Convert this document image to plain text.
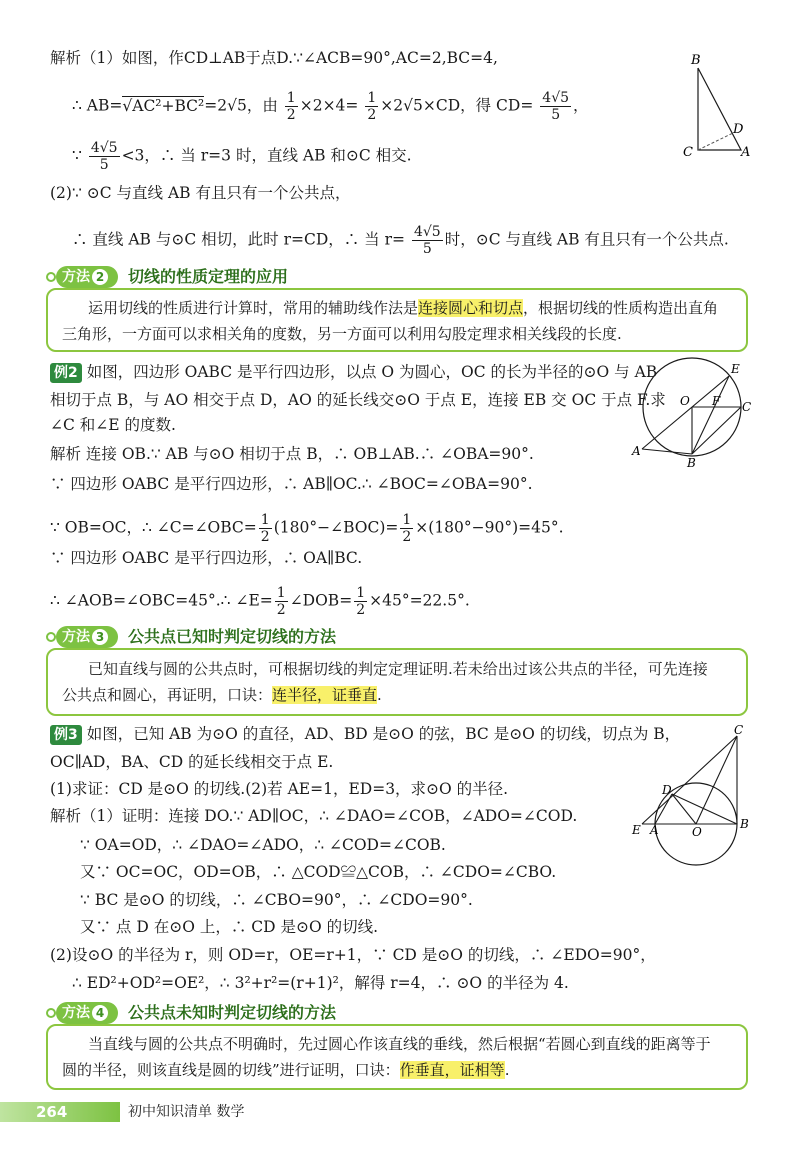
解析（1）如图，作CD⊥AB于点D.∵∠ACB=90°,AC=2,BC=4,
∴ AB=√AC²+BC²=2√5，由 $\frac{1}{2} \times 2\times 4= \frac{1}{2} \times 2√5\times CD$，得 $CD= \frac{4√5}{5}$ ，
∵ $\frac{4√5}{5} <3$，∴ 当 r=3 时，直线 AB 和⊙C 相交.
(2)∵ ⊙C 与直线 AB 有且只有一个公共点，
∴ 直线 AB 与⊙C 相切，此时 r=CD，∴ 当 $r= \frac{4√5}{5}$ 时，⊙C 与直线 AB 有且只有一个公共点.
B
D
C	A
方法 2	切线的性质定理的应用
运用切线的性质进行计算时，常用的辅助线作法是连接圆心和切点，根据切线的性质构造出直角
三角形，一方面可以求相关角的度数，另一方面可以利用勾股定理求相关线段的长度.
例2 如图，四边形 OABC 是平行四边形，以点 O 为圆心，OC 的长为半径的⊙O 与 AB
相切于点 B，与 AO 相交于点 D，AO 的延长线交⊙O 于点 E，连接 EB 交 OC 于点 F.求
∠C 和∠E 的度数.
解析 连接 OB.∵ AB 与⊙O 相切于点 B，∴ OB⊥AB.∴ ∠OBA=90°.
∵ 四边形 OABC 是平行四边形，∴ AB∥OC.∴ ∠BOC=∠OBA=90°.
∵ OB=OC，∴ ∠C=∠OBC= $\frac{1}{2}$ (180°−∠BOC)= $\frac{1}{2} \times(180^\circ-90^\circ)=45^\circ$.
∵ 四边形 OABC 是平行四边形，∴ OA∥BC.
∴ ∠AOB=∠OBC=45°.∴ ∠E= $\frac{1}{2}$ ∠DOB= $\frac{1}{2} \times 45^\circ=22.5^\circ$.
E
O F C
A
B
方法 3	公共点已知时判定切线的方法
已知直线与圆的公共点时，可根据切线的判定定理证明.若未给出过该公共点的半径，可先连接
公共点和圆心，再证明，口诀：连半径，证垂直.
例3 如图，已知 AB 为⊙O 的直径，AD、BD 是⊙O 的弦，BC 是⊙O 的切线，切点为 B，
OC∥AD，BA、CD 的延长线相交于点 E.
(1)求证：CD 是⊙O 的切线.(2)若 AE=1，ED=3，求⊙O 的半径.
解析（1）证明：连接 DO.∵ AD∥OC，∴ ∠DAO=∠COB，∠ADO=∠COD.
∵ OA=OD，∴ ∠DAO=∠ADO，∴ ∠COD=∠COB.
又∵ OC=OC，OD=OB，∴ △COD≌△COB，∴ ∠CDO=∠CBO.
∵ BC 是⊙O 的切线，∴ ∠CBO=90°，∴ ∠CDO=90°.
又∵ 点 D 在⊙O 上，∴ CD 是⊙O 的切线.
(2)设⊙O 的半径为 r，则 OD=r，OE=r+1，∵ CD 是⊙O 的切线，∴ ∠EDO=90°，
∴ ED²+OD²=OE²，∴ 3²+r²=(r+1)²，解得 r=4，∴ ⊙O 的半径为 4.
C
D
E A	O
B
方法 4	公共点未知时判定切线的方法
当直线与圆的公共点不明确时，先过圆心作该直线的垂线，然后根据“若圆心到直线的距离等于
圆的半径，则该直线是圆的切线”进行证明，口诀：作垂直，证相等.
264	初中知识清单 数学
